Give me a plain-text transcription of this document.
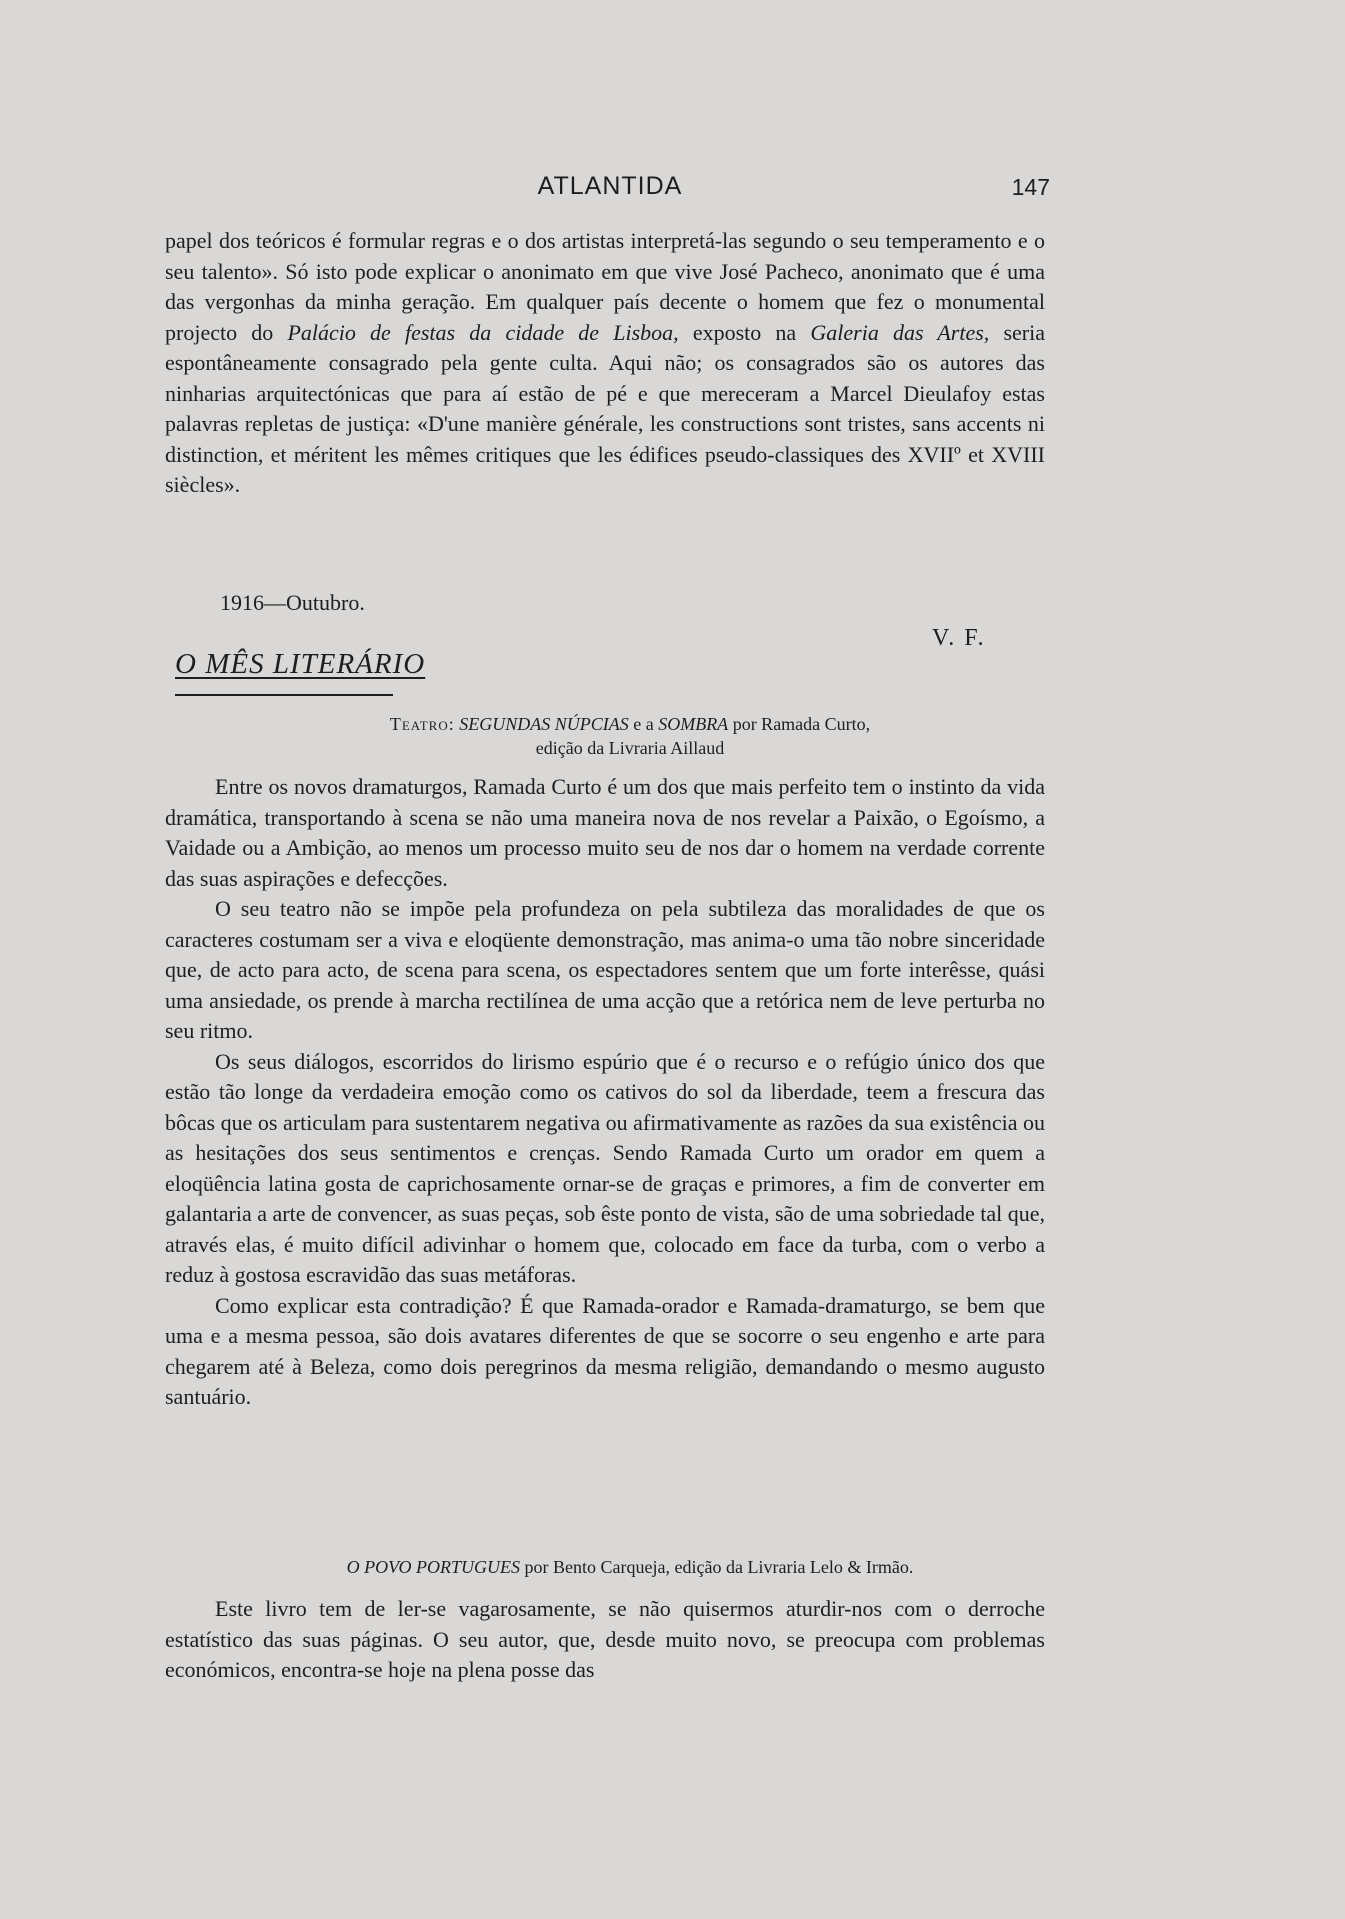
ATLANTIDA	147

papel dos teóricos é formular regras e o dos artistas interpretá-las segundo o seu temperamento e o seu talento». Só isto pode explicar o anonimato em que vive José Pacheco, anonimato que é uma das vergonhas da minha geração. Em qualquer país decente o homem que fez o monumental projecto do Palácio de festas da cidade de Lisboa, exposto na Galeria das Artes, seria espontâneamente consagrado pela gente culta. Aqui não; os consagrados são os autores das ninharias arquitectónicas que para aí estão de pé e que mereceram a Marcel Dieulafoy estas palavras repletas de justiça: «D'une manière générale, les constructions sont tristes, sans accents ni distinction, et méritent les mêmes critiques que les édifices pseudo-classiques des XVIIº et XVIII siècles».

1916—Outubro.
V. F.
O MÊS LITERÁRIO
Teatro: SEGUNDAS NÚPCIAS e a SOMBRA por Ramada Curto,
edição da Livraria Aillaud

Entre os novos dramaturgos, Ramada Curto é um dos que mais perfeito tem o instinto da vida dramática, transportando à scena se não uma maneira nova de nos revelar a Paixão, o Egoísmo, a Vaidade ou a Ambição, ao menos um processo muito seu de nos dar o homem na verdade corrente das suas aspirações e defecções.

O seu teatro não se impõe pela profundeza on pela subtileza das moralidades de que os caracteres costumam ser a viva e eloqüente demonstração, mas anima-o uma tão nobre sinceridade que, de acto para acto, de scena para scena, os espectadores sentem que um forte interêsse, quási uma ansiedade, os prende à marcha rectilínea de uma acção que a retórica nem de leve perturba no seu ritmo.

Os seus diálogos, escorridos do lirismo espúrio que é o recurso e o refúgio único dos que estão tão longe da verdadeira emoção como os cativos do sol da liberdade, teem a frescura das bôcas que os articulam para sustentarem negativa ou afirmativamente as razões da sua existência ou as hesitações dos seus sentimentos e crenças. Sendo Ramada Curto um orador em quem a eloqüência latina gosta de caprichosamente ornar-se de graças e primores, a fim de converter em galantaria a arte de convencer, as suas peças, sob êste ponto de vista, são de uma sobriedade tal que, através elas, é muito difícil adivinhar o homem que, colocado em face da turba, com o verbo a reduz à gostosa escravidão das suas metáforas.

Como explicar esta contradição? É que Ramada-orador e Ramada-dramaturgo, se bem que uma e a mesma pessoa, são dois avatares diferentes de que se socorre o seu engenho e arte para chegarem até à Beleza, como dois peregrinos da mesma religião, demandando o mesmo augusto santuário.

O POVO PORTUGUES por Bento Carqueja, edição da Livraria Lelo & Irmão.

Este livro tem de ler-se vagarosamente, se não quisermos aturdir-nos com o derroche estatístico das suas páginas. O seu autor, que, desde muito novo, se preocupa com problemas económicos, encontra-se hoje na plena posse das
